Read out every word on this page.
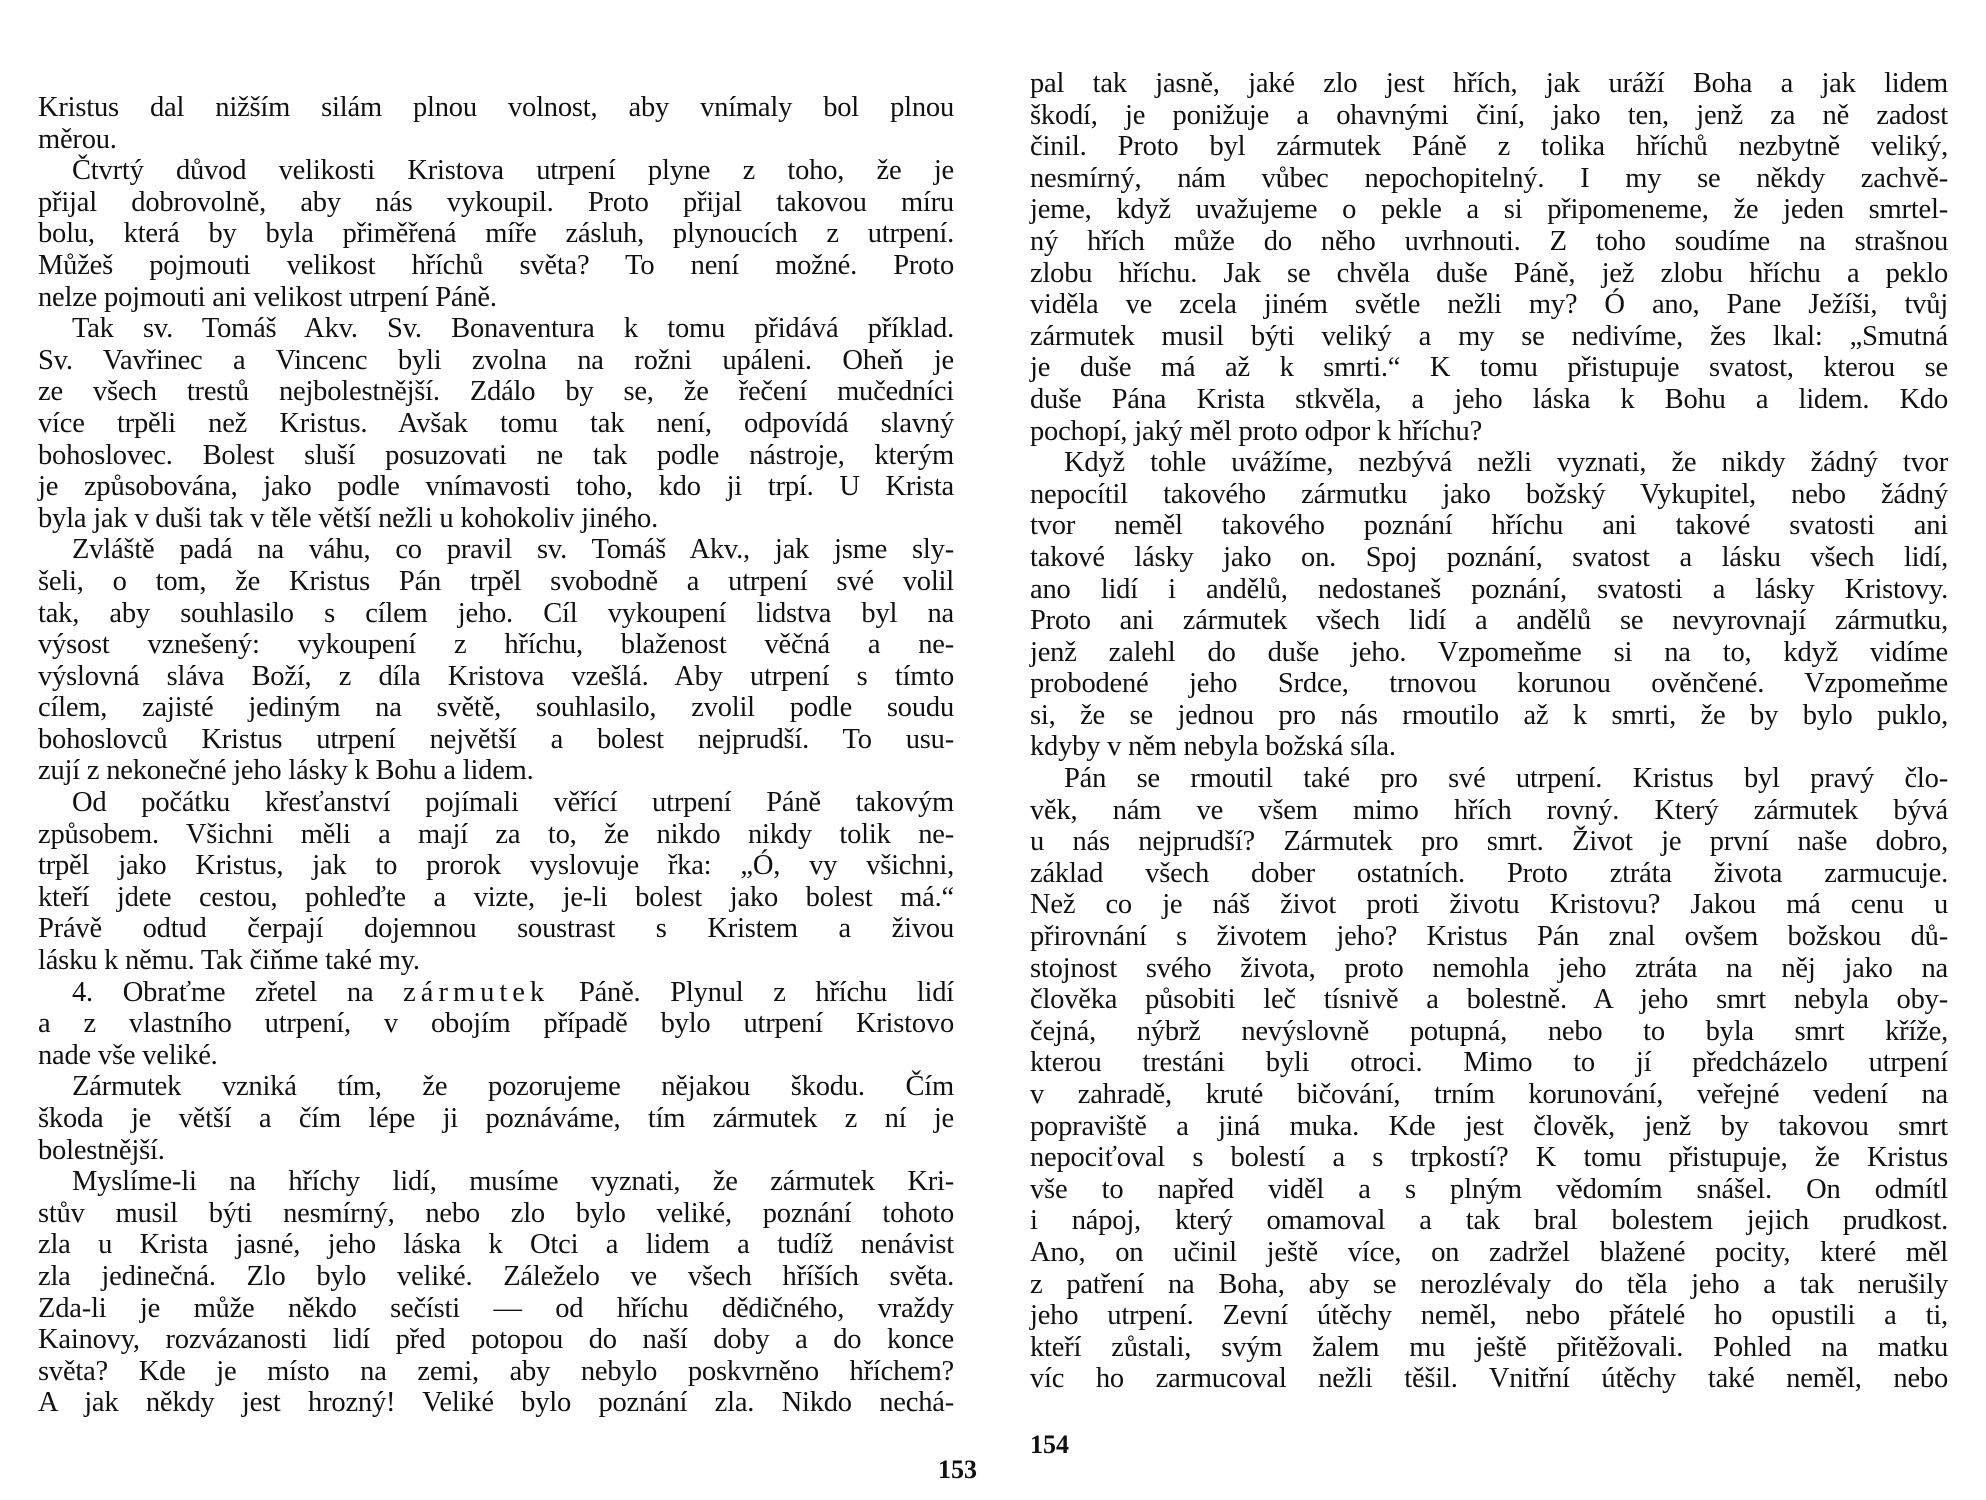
Kristus dal nižším silám plnou volnost, aby vnímaly bol plnou
měrou.
Čtvrtý důvod velikosti Kristova utrpení plyne z toho, že je
přijal dobrovolně, aby nás vykoupil. Proto přijal takovou míru
bolu, která by byla přiměřená míře zásluh, plynoucích z utrpení.
Můžeš pojmouti velikost hříchů světa? To není možné. Proto
nelze pojmouti ani velikost utrpení Páně.
Tak sv. Tomáš Akv. Sv. Bonaventura k tomu přidává příklad.
Sv. Vavřinec a Vincenc byli zvolna na rožni upáleni. Oheň je
ze všech trestů nejbolestnější. Zdálo by se, že řečení mučedníci
více trpěli než Kristus. Avšak tomu tak není, odpovídá slavný
bohoslovec. Bolest sluší posuzovati ne tak podle nástroje, kterým
je způsobována, jako podle vnímavosti toho, kdo ji trpí. U Krista
byla jak v duši tak v těle větší nežli u kohokoliv jiného.
Zvláště padá na váhu, co pravil sv. Tomáš Akv., jak jsme sly-
šeli, o tom, že Kristus Pán trpěl svobodně a utrpení své volil
tak, aby souhlasilo s cílem jeho. Cíl vykoupení lidstva byl na
výsost vznešený: vykoupení z hříchu, blaženost věčná a ne-
výslovná sláva Boží, z díla Kristova vzešlá. Aby utrpení s tímto
cílem, zajisté jediným na světě, souhlasilo, zvolil podle soudu
bohoslovců Kristus utrpení největší a bolest nejprudší. To usu-
zují z nekonečné jeho lásky k Bohu a lidem.
Od počátku křesťanství pojímali věřící utrpení Páně takovým
způsobem. Všichni měli a mají za to, že nikdo nikdy tolik ne-
trpěl jako Kristus, jak to prorok vyslovuje řka: „Ó, vy všichni,
kteří jdete cestou, pohleďte a vizte, je-li bolest jako bolest má.“
Právě odtud čerpají dojemnou soustrast s Kristem a živou
lásku k němu. Tak čiňme také my.
4. Obraťme zřetel na zármutek Páně. Plynul z hříchu lidí
a z vlastního utrpení, v obojím případě bylo utrpení Kristovo
nade vše veliké.
Zármutek vzniká tím, že pozorujeme nějakou škodu. Čím
škoda je větší a čím lépe ji poznáváme, tím zármutek z ní je
bolestnější.
Myslíme-li na hříchy lidí, musíme vyznati, že zármutek Kri-
stův musil býti nesmírný, nebo zlo bylo veliké, poznání tohoto
zla u Krista jasné, jeho láska k Otci a lidem a tudíž nenávist
zla jedinečná. Zlo bylo veliké. Záleželo ve všech hříších světa.
Zda-li je může někdo sečísti — od hříchu dědičného, vraždy
Kainovy, rozvázanosti lidí před potopou do naší doby a do konce
světa? Kde je místo na zemi, aby nebylo poskvrněno hříchem?
A jak někdy jest hrozný! Veliké bylo poznání zla. Nikdo nechá-
153
pal tak jasně, jaké zlo jest hřích, jak uráží Boha a jak lidem
škodí, je ponižuje a ohavnými činí, jako ten, jenž za ně zadost
činil. Proto byl zármutek Páně z tolika hříchů nezbytně veliký,
nesmírný, nám vůbec nepochopitelný. I my se někdy zachvě-
jeme, když uvažujeme o pekle a si připomeneme, že jeden smrtel-
ný hřích může do něho uvrhnouti. Z toho soudíme na strašnou
zlobu hříchu. Jak se chvěla duše Páně, jež zlobu hříchu a peklo
viděla ve zcela jiném světle nežli my? Ó ano, Pane Ježíši, tvůj
zármutek musil býti veliký a my se nedivíme, žes lkal: „Smutná
je duše má až k smrti.“ K tomu přistupuje svatost, kterou se
duše Pána Krista stkvěla, a jeho láska k Bohu a lidem. Kdo
pochopí, jaký měl proto odpor k hříchu?
Když tohle uvážíme, nezbývá nežli vyznati, že nikdy žádný tvor
nepocítil takového zármutku jako božský Vykupitel, nebo žádný
tvor neměl takového poznání hříchu ani takové svatosti ani
takové lásky jako on. Spoj poznání, svatost a lásku všech lidí,
ano lidí i andělů, nedostaneš poznání, svatosti a lásky Kristovy.
Proto ani zármutek všech lidí a andělů se nevyrovnají zármutku,
jenž zalehl do duše jeho. Vzpomeňme si na to, když vidíme
probodené jeho Srdce, trnovou korunou ověnčené. Vzpomeňme
si, že se jednou pro nás rmoutilo až k smrti, že by bylo puklo,
kdyby v něm nebyla božská síla.
Pán se rmoutil také pro své utrpení. Kristus byl pravý člo-
věk, nám ve všem mimo hřích rovný. Který zármutek bývá
u nás nejprudší? Zármutek pro smrt. Život je první naše dobro,
základ všech dober ostatních. Proto ztráta života zarmucuje.
Než co je náš život proti životu Kristovu? Jakou má cenu u
přirovnání s životem jeho? Kristus Pán znal ovšem božskou dů-
stojnost svého života, proto nemohla jeho ztráta na něj jako na
člověka působiti leč tísnivě a bolestně. A jeho smrt nebyla oby-
čejná, nýbrž nevýslovně potupná, nebo to byla smrt kříže,
kterou trestáni byli otroci. Mimo to jí předcházelo utrpení
v zahradě, kruté bičování, trním korunování, veřejné vedení na
popraviště a jiná muka. Kde jest člověk, jenž by takovou smrt
nepociťoval s bolestí a s trpkostí? K tomu přistupuje, že Kristus
vše to napřed viděl a s plným vědomím snášel. On odmítl
i nápoj, který omamoval a tak bral bolestem jejich prudkost.
Ano, on učinil ještě více, on zadržel blažené pocity, které měl
z patření na Boha, aby se nerozlévaly do těla jeho a tak nerušily
jeho utrpení. Zevní útěchy neměl, nebo přátelé ho opustili a ti,
kteří zůstali, svým žalem mu ještě přitěžovali. Pohled na matku
víc ho zarmucoval nežli těšil. Vnitřní útěchy také neměl, nebo
154
